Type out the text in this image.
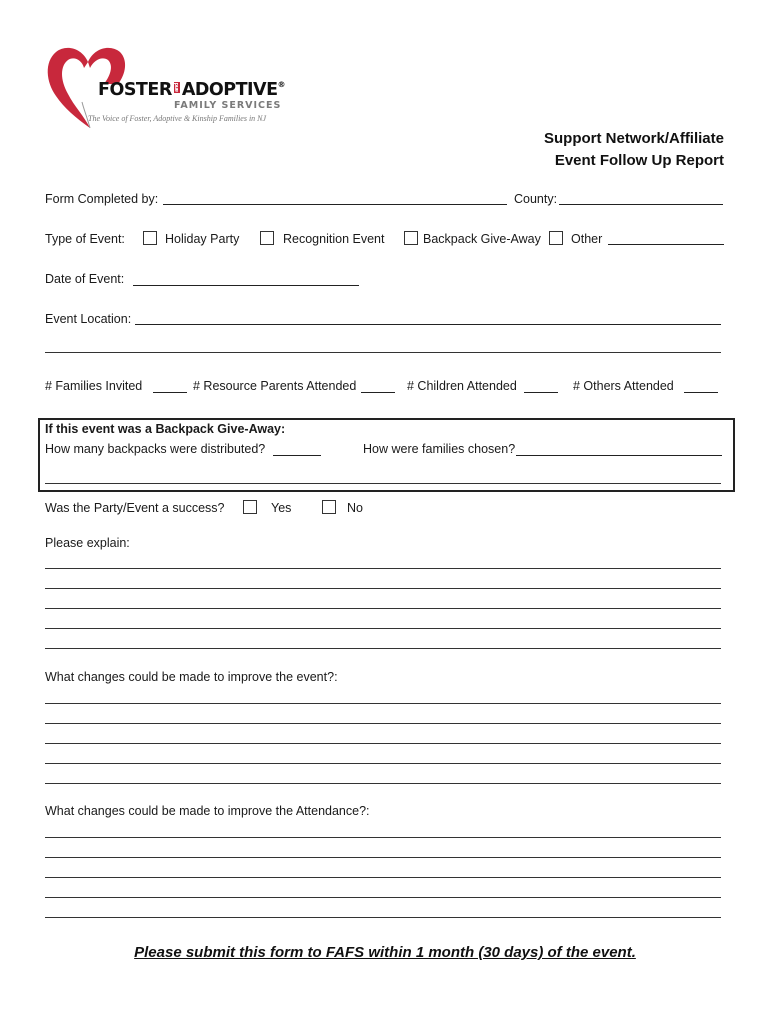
FOSTER and ADOPTIVE®
FAMILY SERVICES
The Voice of Foster, Adoptive & Kinship Families in NJ
Support Network/Affiliate
Event Follow Up Report
Form Completed by:	County:
Type of Event:	Holiday Party	Recognition Event	Backpack Give-Away Other
Date of Event:
Event Location:
# Families Invited	# Resource Parents Attended	# Children Attended	# Others Attended
If this event was a Backpack Give-Away:
How many backpacks were distributed?	How were families chosen?
Was the Party/Event a success?	Yes	No
Please explain:
What changes could be made to improve the event?:
What changes could be made to improve the Attendance?:
Please submit this form to FAFS within 1 month (30 days) of the event.
